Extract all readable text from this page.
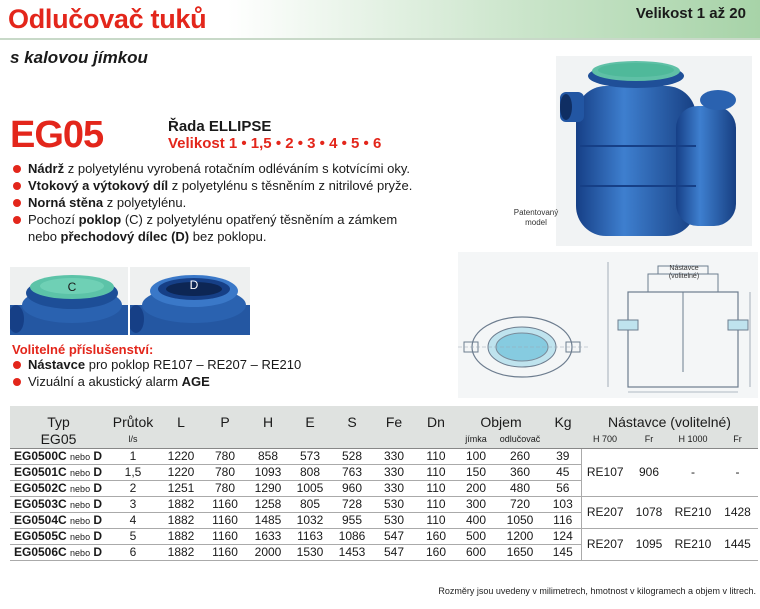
Odlučovač tuků	Velikost 1 až 20
s kalovou jímkou
EG05	Řada ELLIPSE
Velikost 1 • 1,5 • 2 • 3 • 4 • 5 • 6
Nádrž z polyetylénu vyrobená rotačním odléváním s kotvícími oky.
Vtokový a výtokový díl z polyetylénu s těsněním z nitrilové pryže.
Norná stěna z polyetylénu.
Pochozí poklop (C) z polyetylénu opatřený těsněním a zámkem
nebo přechodový dílec (D) bez poklopu.
Patentovaný
model
C	D
Nástavce
(volitelné)
Volitelné příslušenství:
Nástavce pro poklop RE107 – RE207 – RE210
Vizuální a akustický alarm AGE
Typ	Průtok	L	P	H	E	S	Fe	Dn	Objem		Kg	Nástavce (volitelné)			
EG05	l/s								jímka	odlučovač		H 700	Fr	H 1000	Fr
EG0500C nebo D	1	1220	780	858	573	528	330	110	100	260	39	RE107	906	-	-
EG0501C nebo D	1,5	1220	780	1093	808	763	330	110	150	360	45				
EG0502C nebo D	2	1251	780	1290	1005	960	330	110	200	480	56				
EG0503C nebo D	3	1882	1160	1258	805	728	530	110	300	720	103	RE207	1078	RE210	1428
EG0504C nebo D	4	1882	1160	1485	1032	955	530	110	400	1050	116				
EG0505C nebo D	5	1882	1160	1633	1163	1086	547	160	500	1200	124	RE207	1095	RE210	1445
EG0506C nebo D	6	1882	1160	2000	1530	1453	547	160	600	1650	145				
Rozměry jsou uvedeny v milimetrech, hmotnost v kilogramech a objem v litrech.
